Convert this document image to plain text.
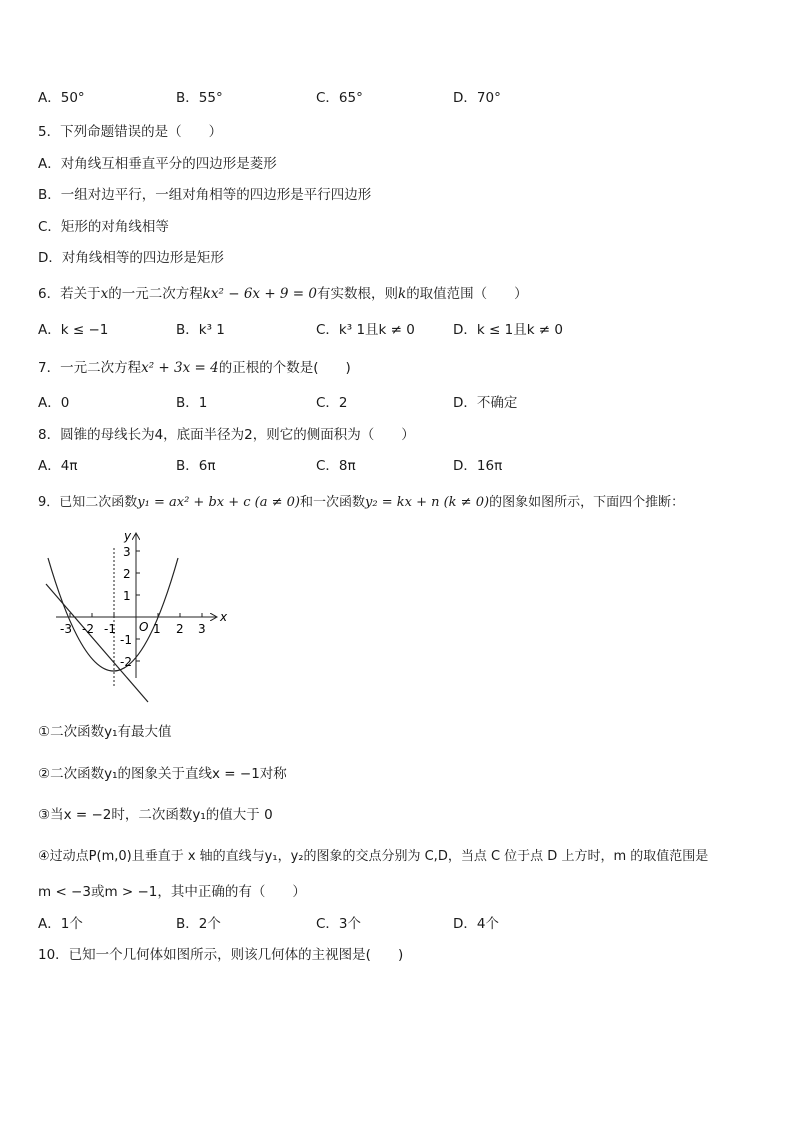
A．50°	B．55°	C．65°	D．70°
5．下列命题错误的是（　　）
A．对角线互相垂直平分的四边形是菱形
B．一组对边平行，一组对角相等的四边形是平行四边形
C．矩形的对角线相等
D．对角线相等的四边形是矩形
6．若关于x的一元二次方程kx² − 6x + 9 = 0有实数根，则k的取值范围（　　）
A．k ≤ −1	B．k³ 1	C．k³ 1且k ≠ 0	D．k ≤ 1且k ≠ 0
7．一元二次方程x² + 3x = 4的正根的个数是(　　)
A．0	B．1	C．2	D．不确定
8．圆锥的母线长为4，底面半径为2，则它的侧面积为（　　）
A．4π	B．6π	C．8π	D．16π
9．已知二次函数y₁ = ax² + bx + c (a ≠ 0)和一次函数y₂ = kx + n (k ≠ 0)的图象如图所示，下面四个推断：
y
x
O
-3 -2 -1	1 2 3
3
2
1
-1
-2
①二次函数y₁有最大值
②二次函数y₁的图象关于直线x = −1对称
③当x = −2时，二次函数y₁的值大于 0
④过动点P(m,0)且垂直于 x 轴的直线与y₁，y₂的图象的交点分别为 C,D，当点 C 位于点 D 上方时，m 的取值范围是
m < −3或m > −1，其中正确的有（　　）
A．1个	B．2个	C．3个	D．4个
10．已知一个几何体如图所示，则该几何体的主视图是(　　)
